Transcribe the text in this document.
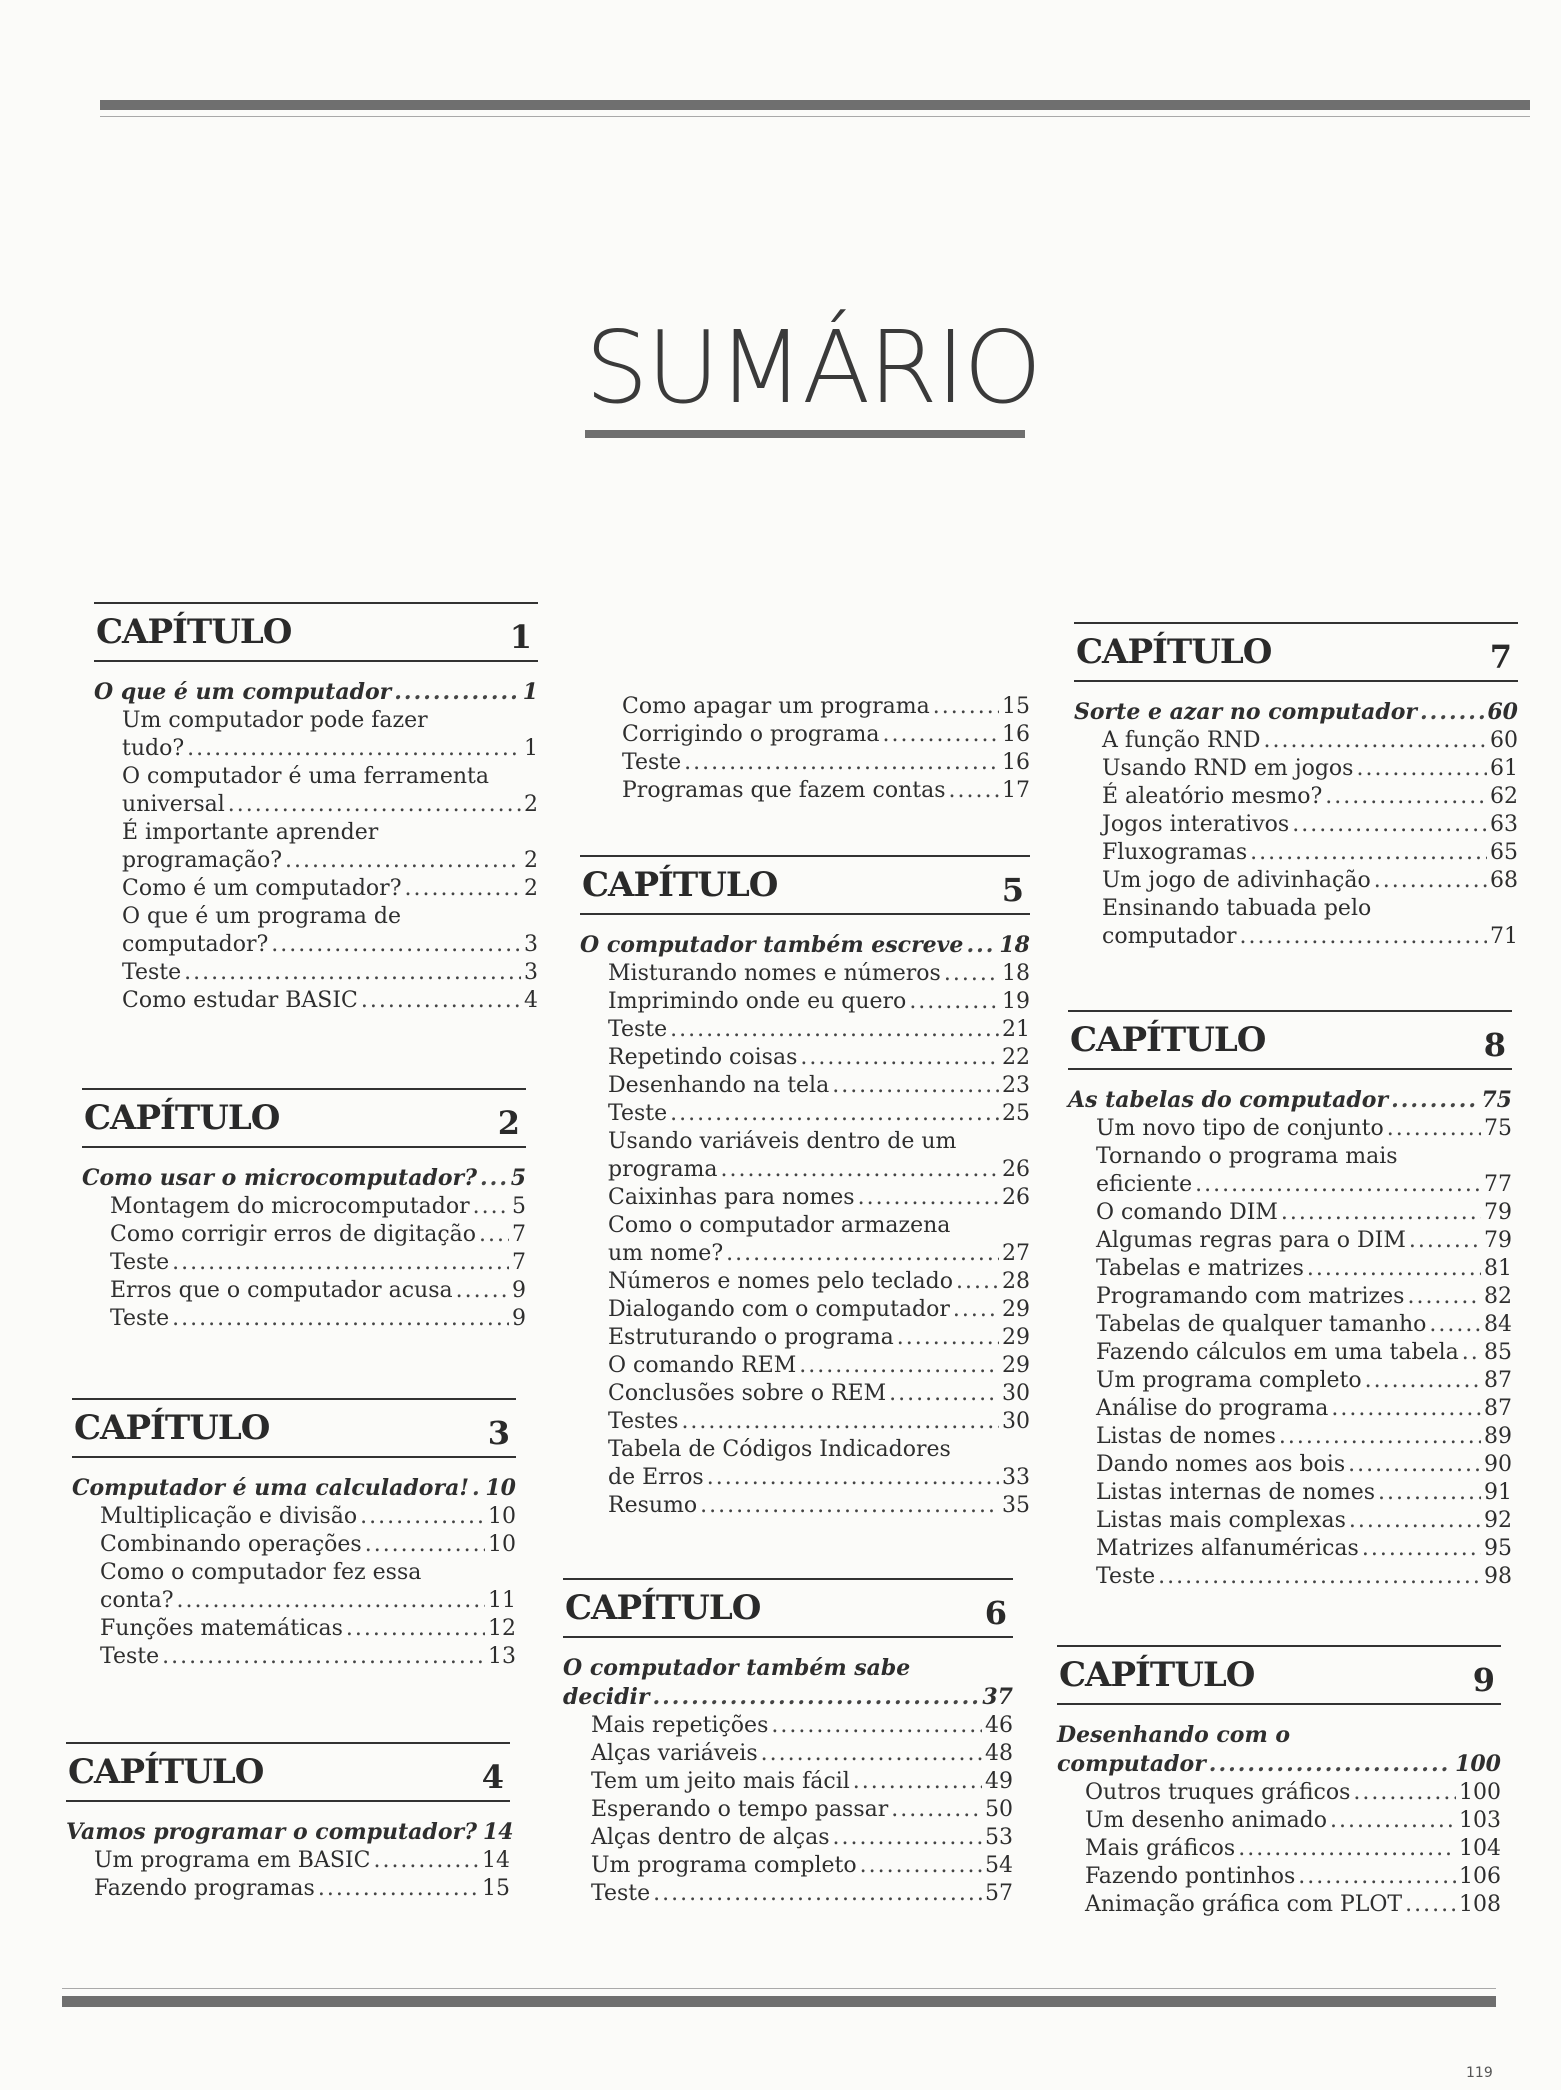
SUMÁRIO
CAPÍTULO	1
O que é um computador .....	1
Um computador pode fazer
tudo? .....	1
O computador é uma ferramenta
universal .....	2
É importante aprender
programação? .....	2
Como é um computador? .....	2
O que é um programa de
computador? .....	3
Teste .....	3
Como estudar BASIC .....	4
CAPÍTULO	2
Como usar o microcomputador? ..... 5
Montagem do microcomputador ..... 5
Como corrigir erros de digitação ..... 7
Teste .....	7
Erros que o computador acusa .....	9
Teste .....	9
CAPÍTULO	3
Computador é uma calculadora! ..... 10
Multiplicação e divisão .....	10
Combinando operações .....	10
Como o computador fez essa
conta? .....	11
Funções matemáticas .....	12
Teste .....	13
CAPÍTULO	4
Vamos programar o computador? 14
Um programa em BASIC .....	14
Fazendo programas .....	15
Como apagar um programa .....	15
Corrigindo o programa .....	16
Teste .....	16
Programas que fazem contas .....	17
CAPÍTULO	5
O computador também escreve ..... 18
Misturando nomes e números .....	18
Imprimindo onde eu quero .....	19
Teste .....	21
Repetindo coisas .....	22
Desenhando na tela .....	23
Teste .....	25
Usando variáveis dentro de um
programa .....	26
Caixinhas para nomes .....	26
Como o computador armazena
um nome? .....	27
Números e nomes pelo teclado ..... 28
Dialogando com o computador ..... 29
Estruturando o programa .....	29
O comando REM .....	29
Conclusões sobre o REM .....	30
Testes .....	30
Tabela de Códigos Indicadores
de Erros .....	33
Resumo .....	35
CAPÍTULO	6
O computador também sabe
decidir .....	37
Mais repetições .....	46
Alças variáveis .....	48
Tem um jeito mais fácil .....	49
Esperando o tempo passar .....	50
Alças dentro de alças .....	53
Um programa completo .....	54
Teste .....	57
CAPÍTULO	7
Sorte e azar no computador .....	60
A função RND .....	60
Usando RND em jogos .....	61
É aleatório mesmo? .....	62
Jogos interativos .....	63
Fluxogramas .....	65
Um jogo de adivinhação .....	68
Ensinando tabuada pelo
computador .....	71
CAPÍTULO	8
As tabelas do computador .....	75
Um novo tipo de conjunto .....	75
Tornando o programa mais
eficiente .....	77
O comando DIM .....	79
Algumas regras para o DIM .....	79
Tabelas e matrizes .....	81
Programando com matrizes .....	82
Tabelas de qualquer tamanho .....	84
Fazendo cálculos em uma tabela ..... 85
Um programa completo .....	87
Análise do programa .....	87
Listas de nomes .....	89
Dando nomes aos bois .....	90
Listas internas de nomes .....	91
Listas mais complexas .....	92
Matrizes alfanuméricas .....	95
Teste .....	98
CAPÍTULO	9
Desenhando com o
computador .....	100
Outros truques gráficos .....	100
Um desenho animado .....	103
Mais gráficos .....	104
Fazendo pontinhos .....	106
Animação gráfica com PLOT .....	108
119
